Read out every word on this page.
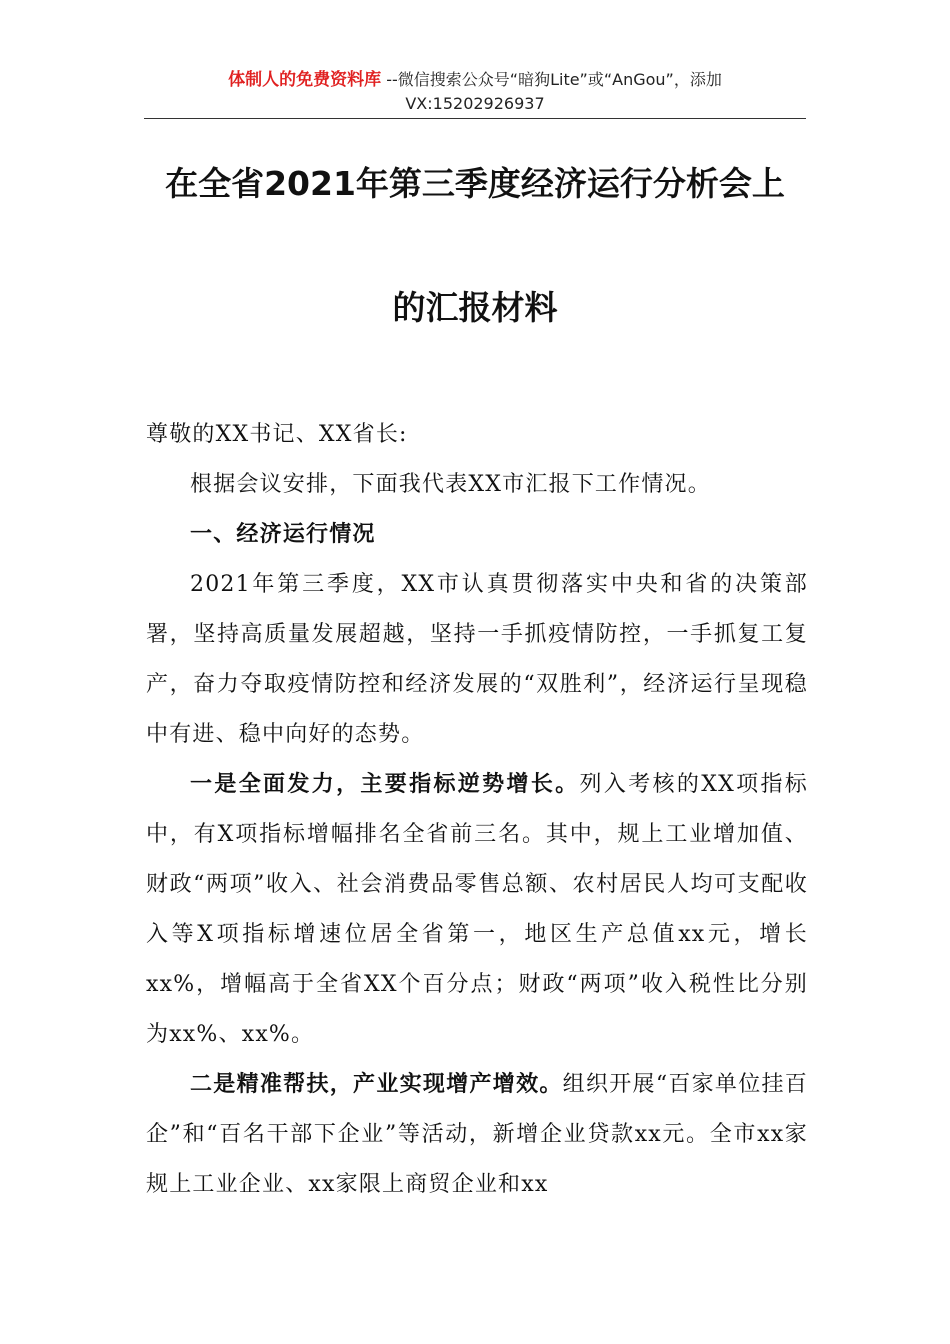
体制人的免费资料库 --微信搜索公众号“暗狗Lite”或“AnGou”，添加
VX:15202926937
在全省2021年第三季度经济运行分析会上
的汇报材料

尊敬的XX书记、XX省长:

根据会议安排，下面我代表XX市汇报下工作情况。

一、经济运行情况

2021年第三季度，XX市认真贯彻落实中央和省的决策部署，坚持高质量发展超越，坚持一手抓疫情防控，一手抓复工复产，奋力夺取疫情防控和经济发展的“双胜利”，经济运行呈现稳中有进、稳中向好的态势。

一是全面发力，主要指标逆势增长。列入考核的XX项指标中，有X项指标增幅排名全省前三名。其中，规上工业增加值、财政“两项”收入、社会消费品零售总额、农村居民人均可支配收入等X项指标增速位居全省第一，地区生产总值xx元，增长xx%，增幅高于全省XX个百分点；财政“两项”收入税性比分别为xx%、xx%。

二是精准帮扶，产业实现增产增效。组织开展“百家单位挂百企”和“百名干部下企业”等活动，新增企业贷款xx元。全市xx家规上工业企业、xx家限上商贸企业和xx
